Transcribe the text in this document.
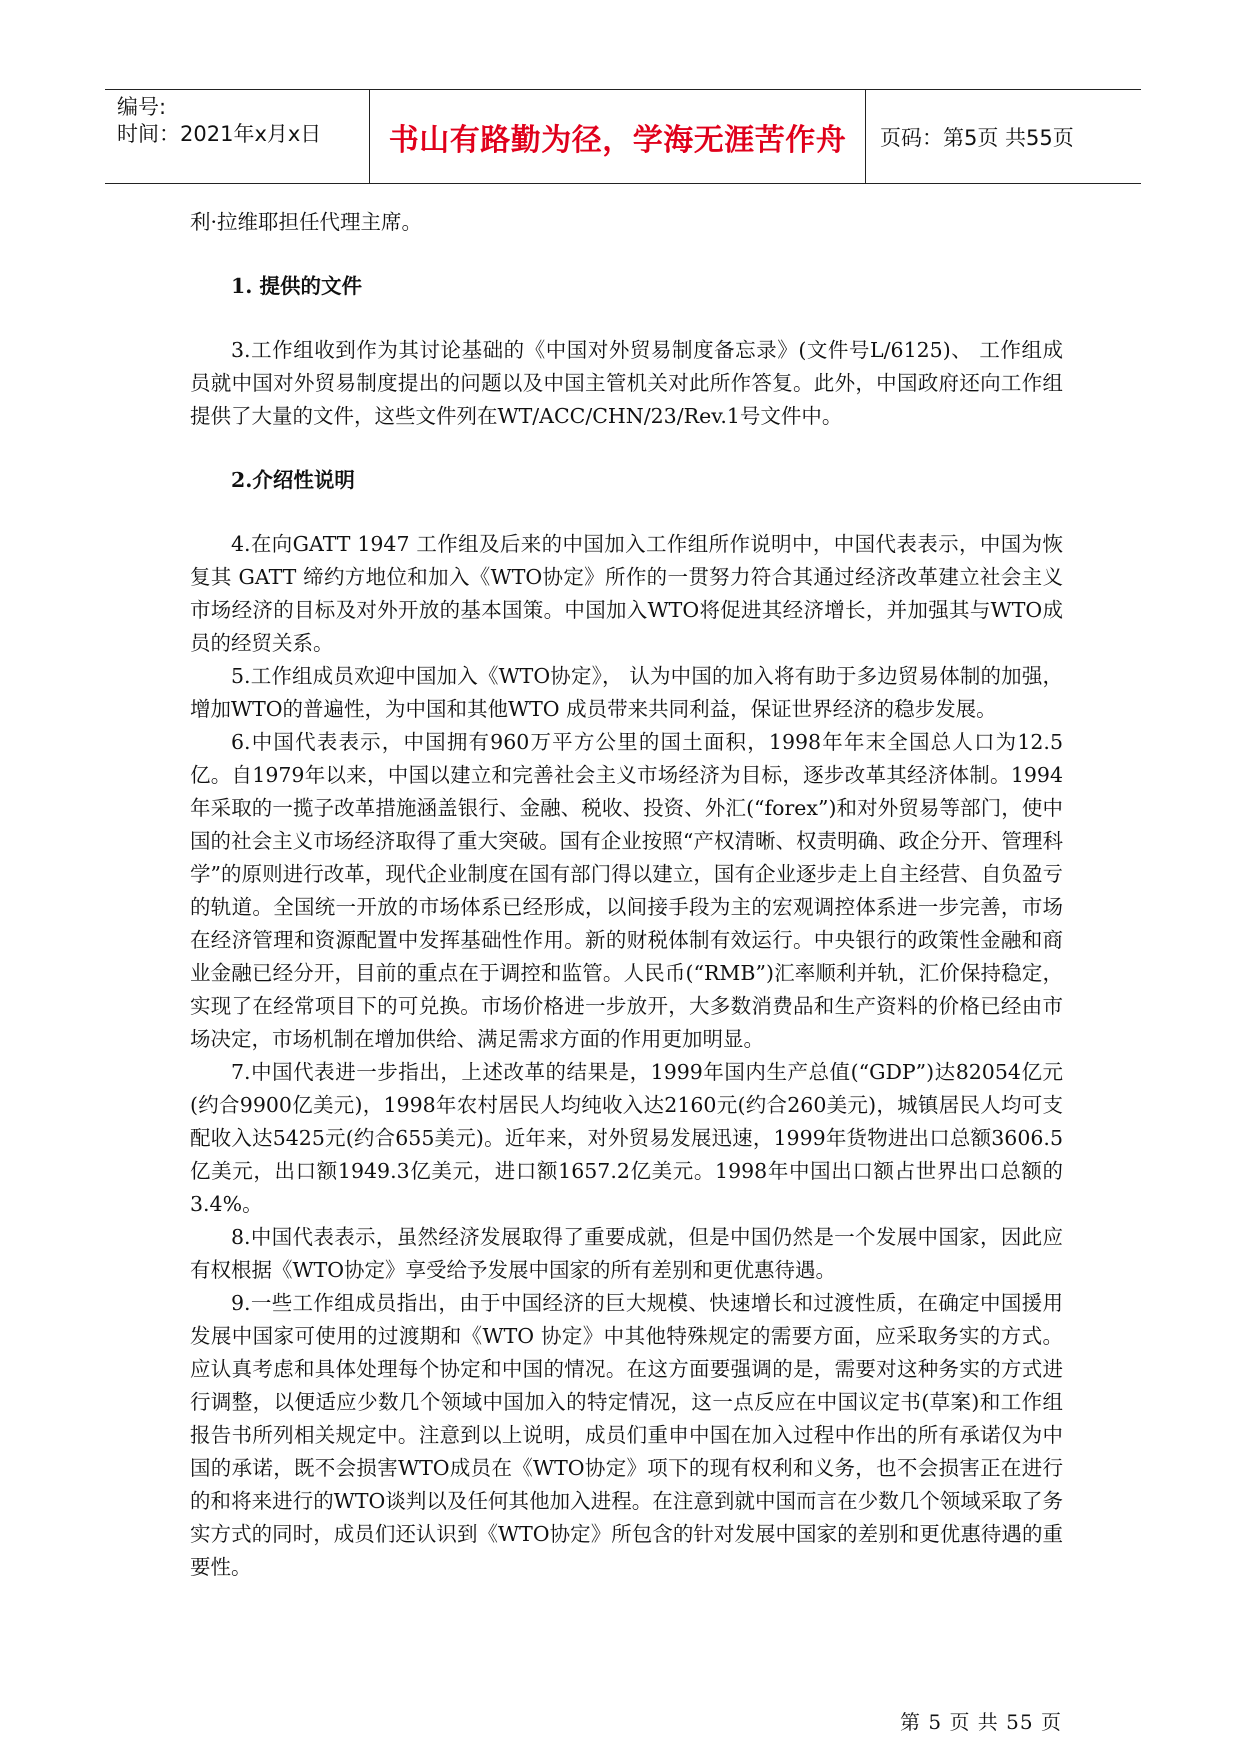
编号:
时间：2021年x月x日	书山有路勤为径，学海无涯苦作舟 页码：第5页 共55页

利·拉维耶担任代理主席。

1. 提供的文件

3.工作组收到作为其讨论基础的《中国对外贸易制度备忘录》(文件号L/6125)、 工作组成员就中国对外贸易制度提出的问题以及中国主管机关对此所作答复。此外，中国政府还向工作组提供了大量的文件，这些文件列在WT/ACC/CHN/23/Rev.1号文件中。

2.介绍性说明

4.在向GATT 1947 工作组及后来的中国加入工作组所作说明中，中国代表表示，中国为恢复其 GATT 缔约方地位和加入《WTO协定》所作的一贯努力符合其通过经济改革建立社会主义市场经济的目标及对外开放的基本国策。中国加入WTO将促进其经济增长，并加强其与WTO成员的经贸关系。

5.工作组成员欢迎中国加入《WTO协定》， 认为中国的加入将有助于多边贸易体制的加强，增加WTO的普遍性，为中国和其他WTO 成员带来共同利益，保证世界经济的稳步发展。

6.中国代表表示，中国拥有960万平方公里的国土面积，1998年年末全国总人口为12.5亿。自1979年以来，中国以建立和完善社会主义市场经济为目标，逐步改革其经济体制。1994年采取的一揽子改革措施涵盖银行、金融、税收、投资、外汇(“forex”)和对外贸易等部门，使中国的社会主义市场经济取得了重大突破。国有企业按照“产权清晰、权责明确、政企分开、管理科学”的原则进行改革，现代企业制度在国有部门得以建立，国有企业逐步走上自主经营、自负盈亏的轨道。全国统一开放的市场体系已经形成，以间接手段为主的宏观调控体系进一步完善，市场在经济管理和资源配置中发挥基础性作用。新的财税体制有效运行。中央银行的政策性金融和商业金融已经分开，目前的重点在于调控和监管。人民币(“RMB”)汇率顺利并轨，汇价保持稳定，实现了在经常项目下的可兑换。市场价格进一步放开，大多数消费品和生产资料的价格已经由市场决定，市场机制在增加供给、满足需求方面的作用更加明显。

7.中国代表进一步指出，上述改革的结果是，1999年国内生产总值(“GDP”)达82054亿元(约合9900亿美元)，1998年农村居民人均纯收入达2160元(约合260美元)，城镇居民人均可支配收入达5425元(约合655美元)。近年来，对外贸易发展迅速，1999年货物进出口总额3606.5亿美元，出口额1949.3亿美元，进口额1657.2亿美元。1998年中国出口额占世界出口总额的3.4%。

8.中国代表表示，虽然经济发展取得了重要成就，但是中国仍然是一个发展中国家，因此应有权根据《WTO协定》享受给予发展中国家的所有差别和更优惠待遇。

9.一些工作组成员指出，由于中国经济的巨大规模、快速增长和过渡性质，在确定中国援用发展中国家可使用的过渡期和《WTO 协定》中其他特殊规定的需要方面，应采取务实的方式。应认真考虑和具体处理每个协定和中国的情况。在这方面要强调的是，需要对这种务实的方式进行调整，以便适应少数几个领域中国加入的特定情况，这一点反应在中国议定书(草案)和工作组报告书所列相关规定中。注意到以上说明，成员们重申中国在加入过程中作出的所有承诺仅为中国的承诺，既不会损害WTO成员在《WTO协定》项下的现有权利和义务，也不会损害正在进行的和将来进行的WTO谈判以及任何其他加入进程。在注意到就中国而言在少数几个领域采取了务实方式的同时，成员们还认识到《WTO协定》所包含的针对发展中国家的差别和更优惠待遇的重要性。

第 5 页 共 55 页
